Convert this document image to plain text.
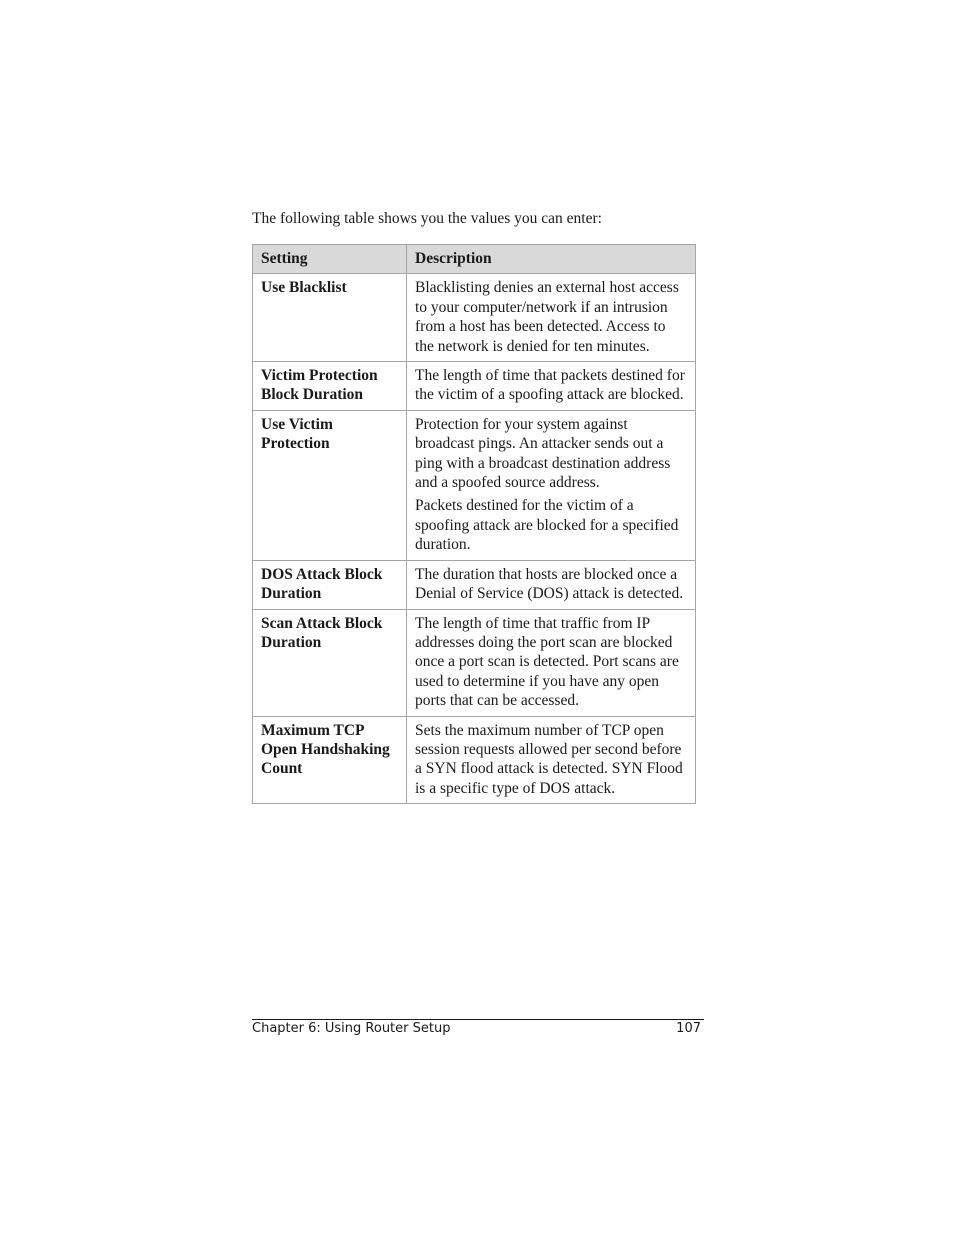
The following table shows you the values you can enter:

Setting	Description
Use Blacklist	Blacklisting denies an external host access to your computer/network if an intrusion from a host has been detected. Access to the network is denied for ten minutes.

Victim Protection Block Duration	The length of time that packets destined for the victim of a spoofing attack are blocked.

Use Victim Protection	Protection for your system against broadcast pings. An attacker sends out a ping with a broadcast destination address and a spoofed source address.

Packets destined for the victim of a spoofing attack are blocked for a specified duration.

DOS Attack Block Duration	The duration that hosts are blocked once a Denial of Service (DOS) attack is detected.

Scan Attack Block Duration	The length of time that traffic from IP addresses doing the port scan are blocked once a port scan is detected. Port scans are used to determine if you have any open ports that can be accessed.

Maximum TCP Open Handshaking Count	Sets the maximum number of TCP open session requests allowed per second before a SYN flood attack is detected. SYN Flood is a specific type of DOS attack.

Chapter 6: Using Router Setup	107
